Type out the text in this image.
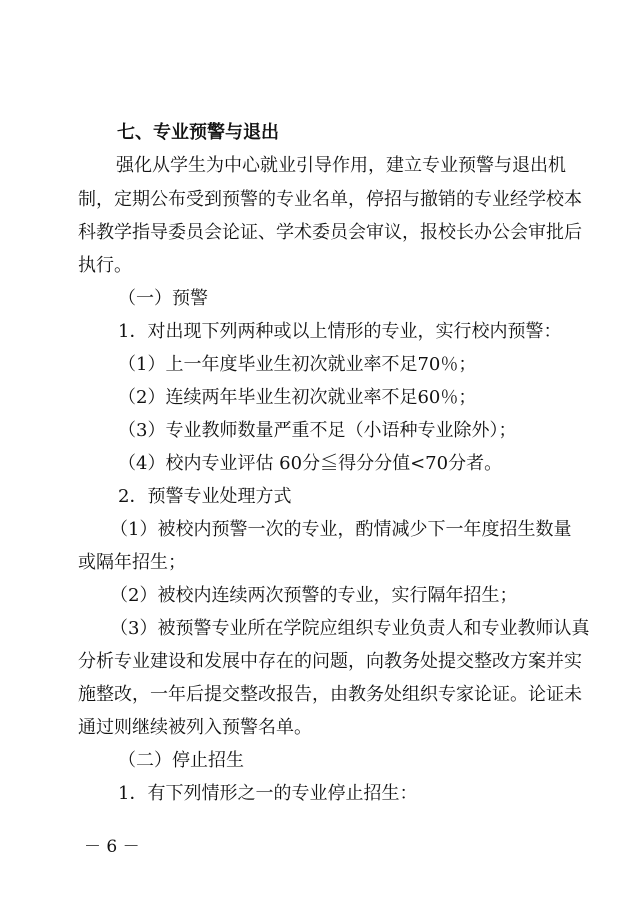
七、专业预警与退出
强化从学生为中心就业引导作用，建立专业预警与退出机
制，定期公布受到预警的专业名单，停招与撤销的专业经学校本
科教学指导委员会论证、学术委员会审议，报校长办公会审批后
执行。
（一）预警
1．对出现下列两种或以上情形的专业，实行校内预警：
（1）上一年度毕业生初次就业率不足70％；
（2）连续两年毕业生初次就业率不足60％；
（3）专业教师数量严重不足（小语种专业除外）；
（4）校内专业评估 60分≦得分分值<70分者。
2．预警专业处理方式
（1）被校内预警一次的专业，酌情减少下一年度招生数量
或隔年招生；
（2）被校内连续两次预警的专业，实行隔年招生；
（3）被预警专业所在学院应组织专业负责人和专业教师认真
分析专业建设和发展中存在的问题，向教务处提交整改方案并实
施整改，一年后提交整改报告，由教务处组织专家论证。论证未
通过则继续被列入预警名单。
（二）停止招生
1．有下列情形之一的专业停止招生：
－ 6 －
